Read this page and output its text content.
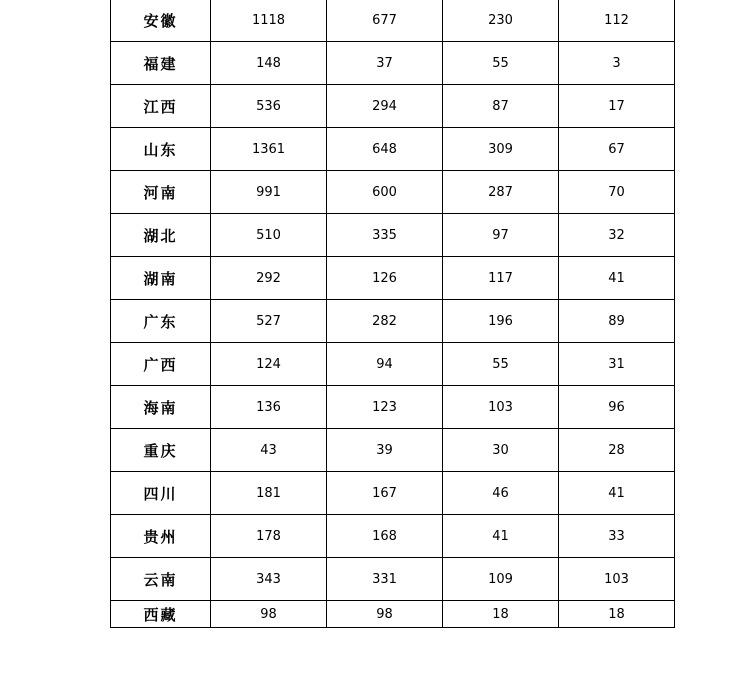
安徽	1118	677	230	112
福建	148	37	55	3
江西	536	294	87	17
山东	1361	648	309	67
河南	991	600	287	70
湖北	510	335	97	32
湖南	292	126	117	41
广东	527	282	196	89
广西	124	94	55	31
海南	136	123	103	96
重庆	43	39	30	28
四川	181	167	46	41
贵州	178	168	41	33
云南	343	331	109	103
西藏	98	98	18	18
